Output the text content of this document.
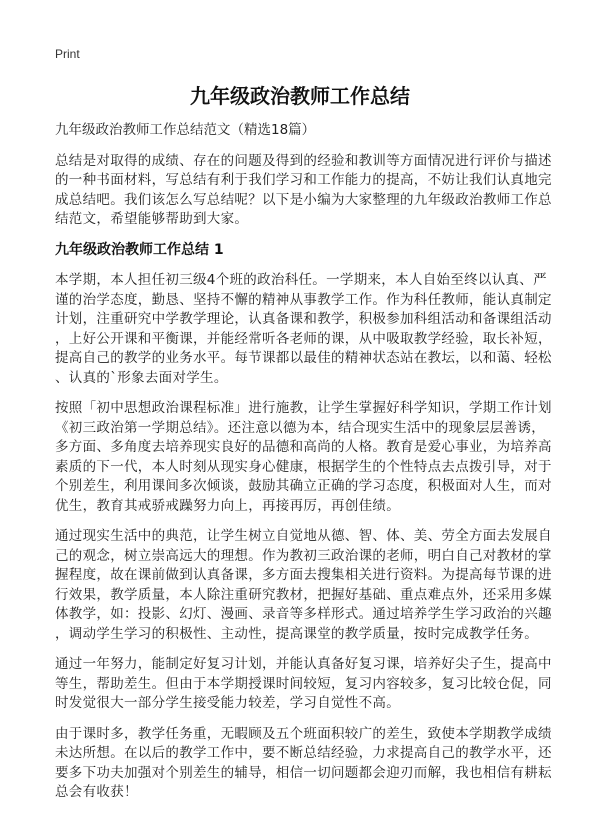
Print
九年级政治教师工作总结
九年级政治教师工作总结范文（精选18篇）
总结是对取得的成绩、存在的问题及得到的经验和教训等方面情况进行评价与描述
的一种书面材料，写总结有利于我们学习和工作能力的提高，不妨让我们认真地完
成总结吧。我们该怎么写总结呢？以下是小编为大家整理的九年级政治教师工作总
结范文，希望能够帮助到大家。
九年级政治教师工作总结 1
本学期，本人担任初三级4个班的政治科任。一学期来，本人自始至终以认真、严
谨的治学态度，勤恳、坚持不懈的精神从事教学工作。作为科任教师，能认真制定
计划，注重研究中学教学理论，认真备课和教学，积极参加科组活动和备课组活动
，上好公开课和平衡课，并能经常听各老师的课，从中吸取教学经验，取长补短，
提高自己的教学的业务水平。每节课都以最佳的精神状态站在教坛，以和蔼、轻松
、认真的`形象去面对学生。
按照「初中思想政治课程标准」进行施教，让学生掌握好科学知识，学期工作计划
《初三政治第一学期总结》。还注意以德为本，结合现实生活中的现象层层善诱，
多方面、多角度去培养现实良好的品德和高尚的人格。教育是爱心事业，为培养高
素质的下一代，本人时刻从现实身心健康，根据学生的个性特点去点拨引导，对于
个别差生，利用课间多次倾谈，鼓励其确立正确的学习态度，积极面对人生，而对
优生，教育其戒骄戒躁努力向上，再接再厉，再创佳绩。
通过现实生活中的典范，让学生树立自觉地从德、智、体、美、劳全方面去发展自
己的观念，树立崇高远大的理想。作为教初三政治课的老师，明白自己对教材的掌
握程度，故在课前做到认真备课，多方面去搜集相关进行资料。为提高每节课的进
行效果，教学质量，本人除注重研究教材，把握好基础、重点难点外，还采用多媒
体教学，如：投影、幻灯、漫画、录音等多样形式。通过培养学生学习政治的兴趣
，调动学生学习的积极性、主动性，提高课堂的教学质量，按时完成教学任务。
通过一年努力，能制定好复习计划，并能认真备好复习课，培养好尖子生，提高中
等生，帮助差生。但由于本学期授课时间较短，复习内容较多，复习比较仓促，同
时发觉很大一部分学生接受能力较差，学习自觉性不高。
由于课时多，教学任务重，无暇顾及五个班面积较广的差生，致使本学期教学成绩
未达所想。在以后的教学工作中，要不断总结经验，力求提高自己的教学水平，还
要多下功夫加强对个别差生的辅导，相信一切问题都会迎刃而解，我也相信有耕耘
总会有收获！
